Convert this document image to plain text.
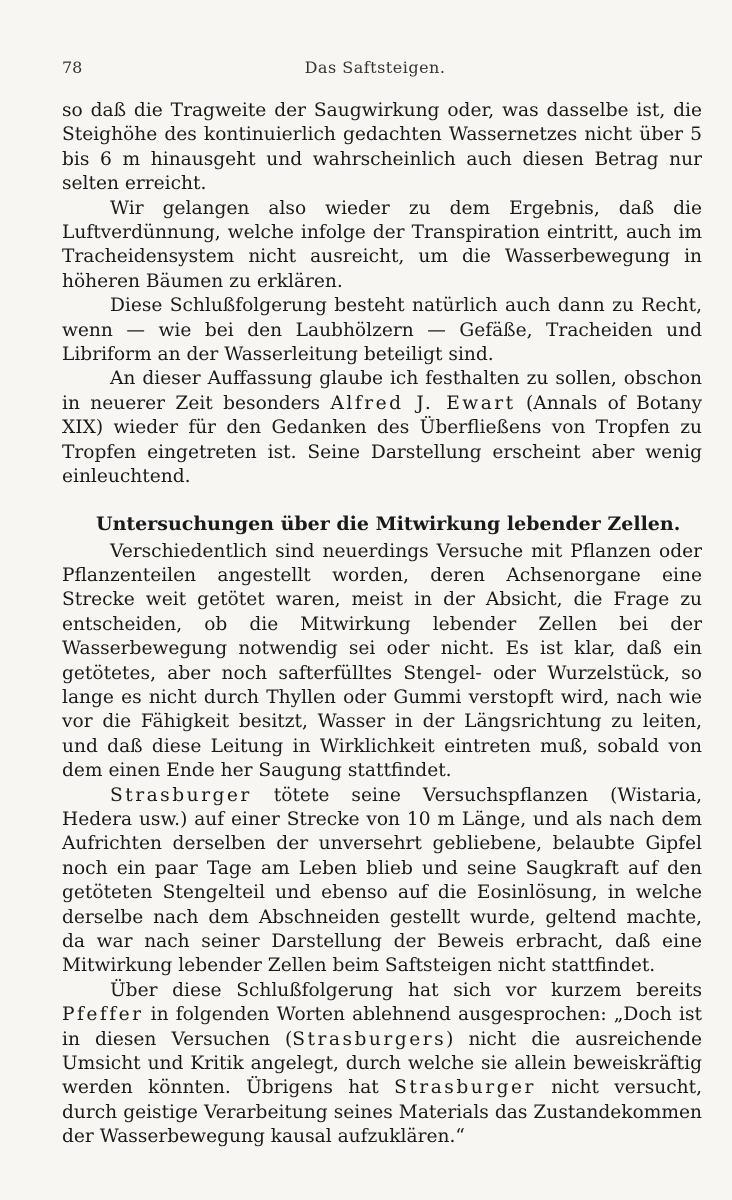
78	Das Saftsteigen.

so daß die Tragweite der Saugwirkung oder, was dasselbe ist, die Steighöhe des kontinuierlich gedachten Wassernetzes nicht über 5 bis 6 m hinausgeht und wahrscheinlich auch diesen Betrag nur selten erreicht.

Wir gelangen also wieder zu dem Ergebnis, daß die Luftverdünnung, welche infolge der Transpiration eintritt, auch im Tracheidensystem nicht ausreicht, um die Wasserbewegung in höheren Bäumen zu erklären.

Diese Schlußfolgerung besteht natürlich auch dann zu Recht, wenn — wie bei den Laubhölzern — Gefäße, Tracheiden und Libriform an der Wasserleitung beteiligt sind.

An dieser Auffassung glaube ich festhalten zu sollen, obschon in neuerer Zeit besonders Alfred J. Ewart (Annals of Botany XIX) wieder für den Gedanken des Überfließens von Tropfen zu Tropfen eingetreten ist. Seine Darstellung erscheint aber wenig einleuchtend.

Untersuchungen über die Mitwirkung lebender Zellen.

Verschiedentlich sind neuerdings Versuche mit Pflanzen oder Pflanzenteilen angestellt worden, deren Achsenorgane eine Strecke weit getötet waren, meist in der Absicht, die Frage zu entscheiden, ob die Mitwirkung lebender Zellen bei der Wasserbewegung notwendig sei oder nicht. Es ist klar, daß ein getötetes, aber noch safterfülltes Stengel- oder Wurzelstück, so lange es nicht durch Thyllen oder Gummi verstopft wird, nach wie vor die Fähigkeit besitzt, Wasser in der Längsrichtung zu leiten, und daß diese Leitung in Wirklichkeit eintreten muß, sobald von dem einen Ende her Saugung stattfindet.

Strasburger tötete seine Versuchspflanzen (Wistaria, Hedera usw.) auf einer Strecke von 10 m Länge, und als nach dem Aufrichten derselben der unversehrt gebliebene, belaubte Gipfel noch ein paar Tage am Leben blieb und seine Saugkraft auf den getöteten Stengelteil und ebenso auf die Eosinlösung, in welche derselbe nach dem Abschneiden gestellt wurde, geltend machte, da war nach seiner Darstellung der Beweis erbracht, daß eine Mitwirkung lebender Zellen beim Saftsteigen nicht stattfindet.

Über diese Schlußfolgerung hat sich vor kurzem bereits Pfeffer in folgenden Worten ablehnend ausgesprochen: „Doch ist in diesen Versuchen (Strasburgers) nicht die ausreichende Umsicht und Kritik angelegt, durch welche sie allein beweiskräftig werden könnten. Übrigens hat Strasburger nicht versucht, durch geistige Verarbeitung seines Materials das Zustandekommen der Wasserbewegung kausal aufzuklären.“
